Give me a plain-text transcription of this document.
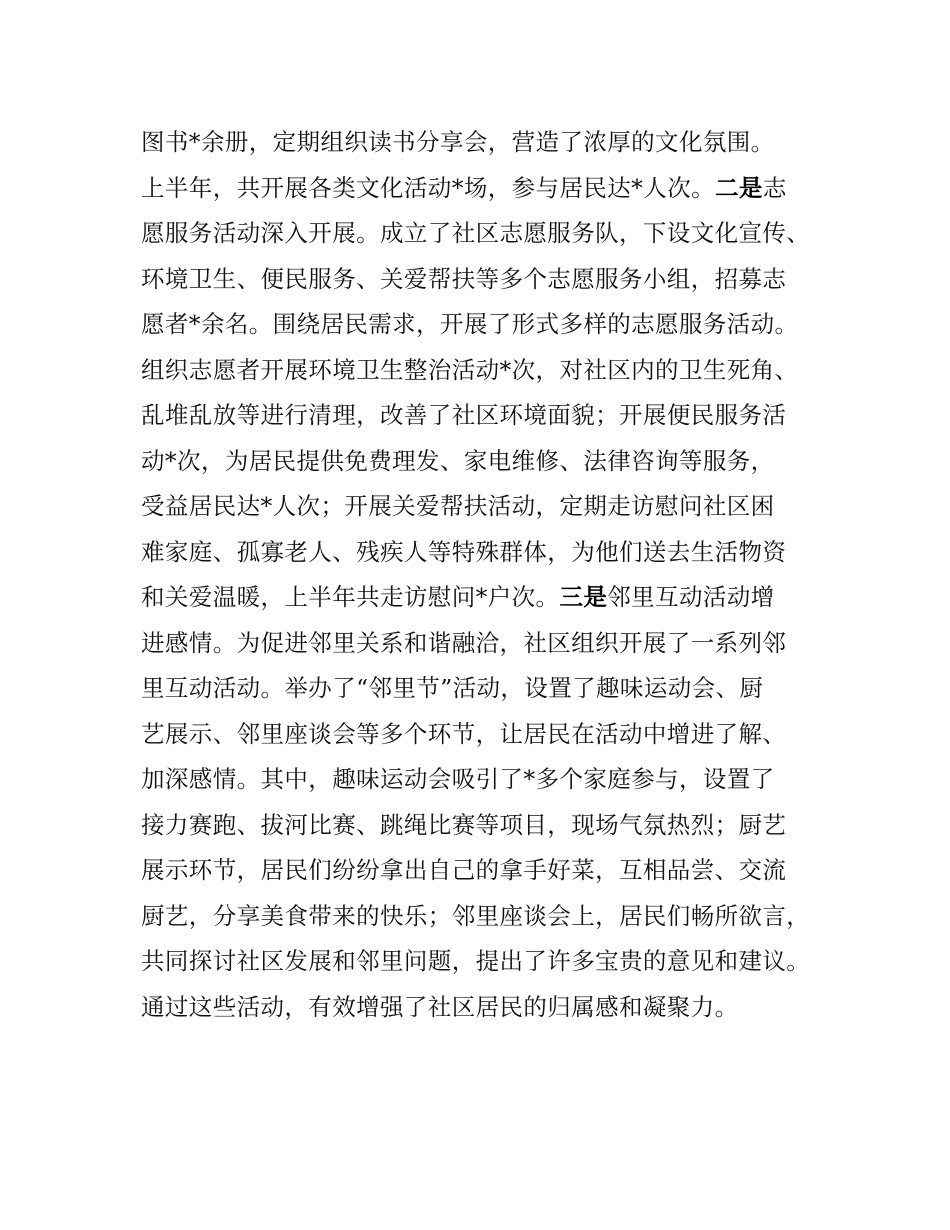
图书*余册，定期组织读书分享会，营造了浓厚的文化氛围。
上半年，共开展各类文化活动*场，参与居民达*人次。二是志
愿服务活动深入开展。成立了社区志愿服务队，下设文化宣传、
环境卫生、便民服务、关爱帮扶等多个志愿服务小组，招募志
愿者*余名。围绕居民需求，开展了形式多样的志愿服务活动。
组织志愿者开展环境卫生整治活动*次，对社区内的卫生死角、
乱堆乱放等进行清理，改善了社区环境面貌；开展便民服务活
动*次，为居民提供免费理发、家电维修、法律咨询等服务，
受益居民达*人次；开展关爱帮扶活动，定期走访慰问社区困
难家庭、孤寡老人、残疾人等特殊群体，为他们送去生活物资
和关爱温暖，上半年共走访慰问*户次。三是邻里互动活动增
进感情。为促进邻里关系和谐融洽，社区组织开展了一系列邻
里互动活动。举办了“邻里节”活动，设置了趣味运动会、厨
艺展示、邻里座谈会等多个环节，让居民在活动中增进了解、
加深感情。其中，趣味运动会吸引了*多个家庭参与，设置了
接力赛跑、拔河比赛、跳绳比赛等项目，现场气氛热烈；厨艺
展示环节，居民们纷纷拿出自己的拿手好菜，互相品尝、交流
厨艺，分享美食带来的快乐；邻里座谈会上，居民们畅所欲言，
共同探讨社区发展和邻里问题，提出了许多宝贵的意见和建议。
通过这些活动，有效增强了社区居民的归属感和凝聚力。
